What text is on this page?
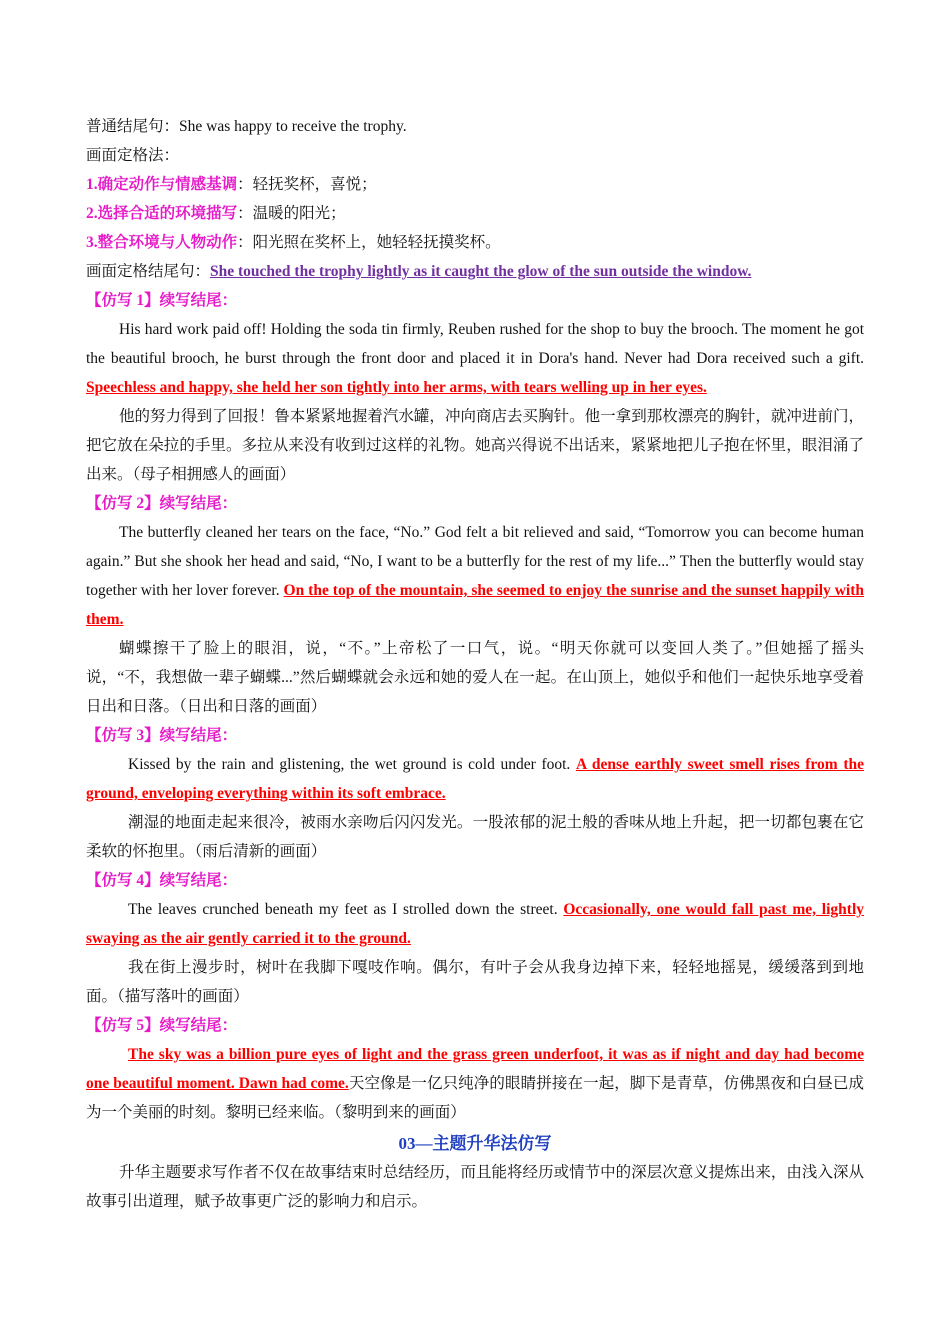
普通结尾句：She was happy to receive the trophy.
画面定格法：
1.确定动作与情感基调：轻抚奖杯，喜悦；
2.选择合适的环境描写：温暖的阳光；
3.整合环境与人物动作：阳光照在奖杯上，她轻轻抚摸奖杯。
画面定格结尾句：She touched the trophy lightly as it caught the glow of the sun outside the window.
【仿写 1】续写结尾：
His hard work paid off! Holding the soda tin firmly, Reuben rushed for the shop to buy the brooch. The moment he got the beautiful brooch, he burst through the front door and placed it in Dora's hand. Never had Dora received such a gift. Speechless and happy, she held her son tightly into her arms, with tears welling up in her eyes.
他的努力得到了回报！鲁本紧紧地握着汽水罐，冲向商店去买胸针。他一拿到那枚漂亮的胸针，就冲进前门，把它放在朵拉的手里。多拉从来没有收到过这样的礼物。她高兴得说不出话来，紧紧地把儿子抱在怀里，眼泪涌了出来。（母子相拥感人的画面）
【仿写 2】续写结尾：
The butterfly cleaned her tears on the face, “No.” God felt a bit relieved and said, “Tomorrow you can become human again.” But she shook her head and said, “No, I want to be a butterfly for the rest of my life...” Then the butterfly would stay together with her lover forever. On the top of the mountain, she seemed to enjoy the sunrise and the sunset happily with them.
蝴蝶擦干了脸上的眼泪，说，“不。”上帝松了一口气，说。“明天你就可以变回人类了。”但她摇了摇头说，“不，我想做一辈子蝴蝶...”然后蝴蝶就会永远和她的爱人在一起。在山顶上，她似乎和他们一起快乐地享受着日出和日落。（日出和日落的画面）
【仿写 3】续写结尾：
Kissed by the rain and glistening, the wet ground is cold under foot. A dense earthly sweet smell rises from the ground, enveloping everything within its soft embrace.
潮湿的地面走起来很冷，被雨水亲吻后闪闪发光。一股浓郁的泥土般的香味从地上升起，把一切都包裹在它柔软的怀抱里。（雨后清新的画面）
【仿写 4】续写结尾：
The leaves crunched beneath my feet as I strolled down the street. Occasionally, one would fall past me, lightly swaying as the air gently carried it to the ground.
我在街上漫步时，树叶在我脚下嘎吱作响。偶尔，有叶子会从我身边掉下来，轻轻地摇晃，缓缓落到到地面。（描写落叶的画面）
【仿写 5】续写结尾：
The sky was a billion pure eyes of light and the grass green underfoot, it was as if night and day had become one beautiful moment. Dawn had come.天空像是一亿只纯净的眼睛拼接在一起，脚下是青草，仿佛黑夜和白昼已成为一个美丽的时刻。黎明已经来临。（黎明到来的画面）
03—主题升华法仿写
升华主题要求写作者不仅在故事结束时总结经历，而且能将经历或情节中的深层次意义提炼出来，由浅入深从故事引出道理，赋予故事更广泛的影响力和启示。
